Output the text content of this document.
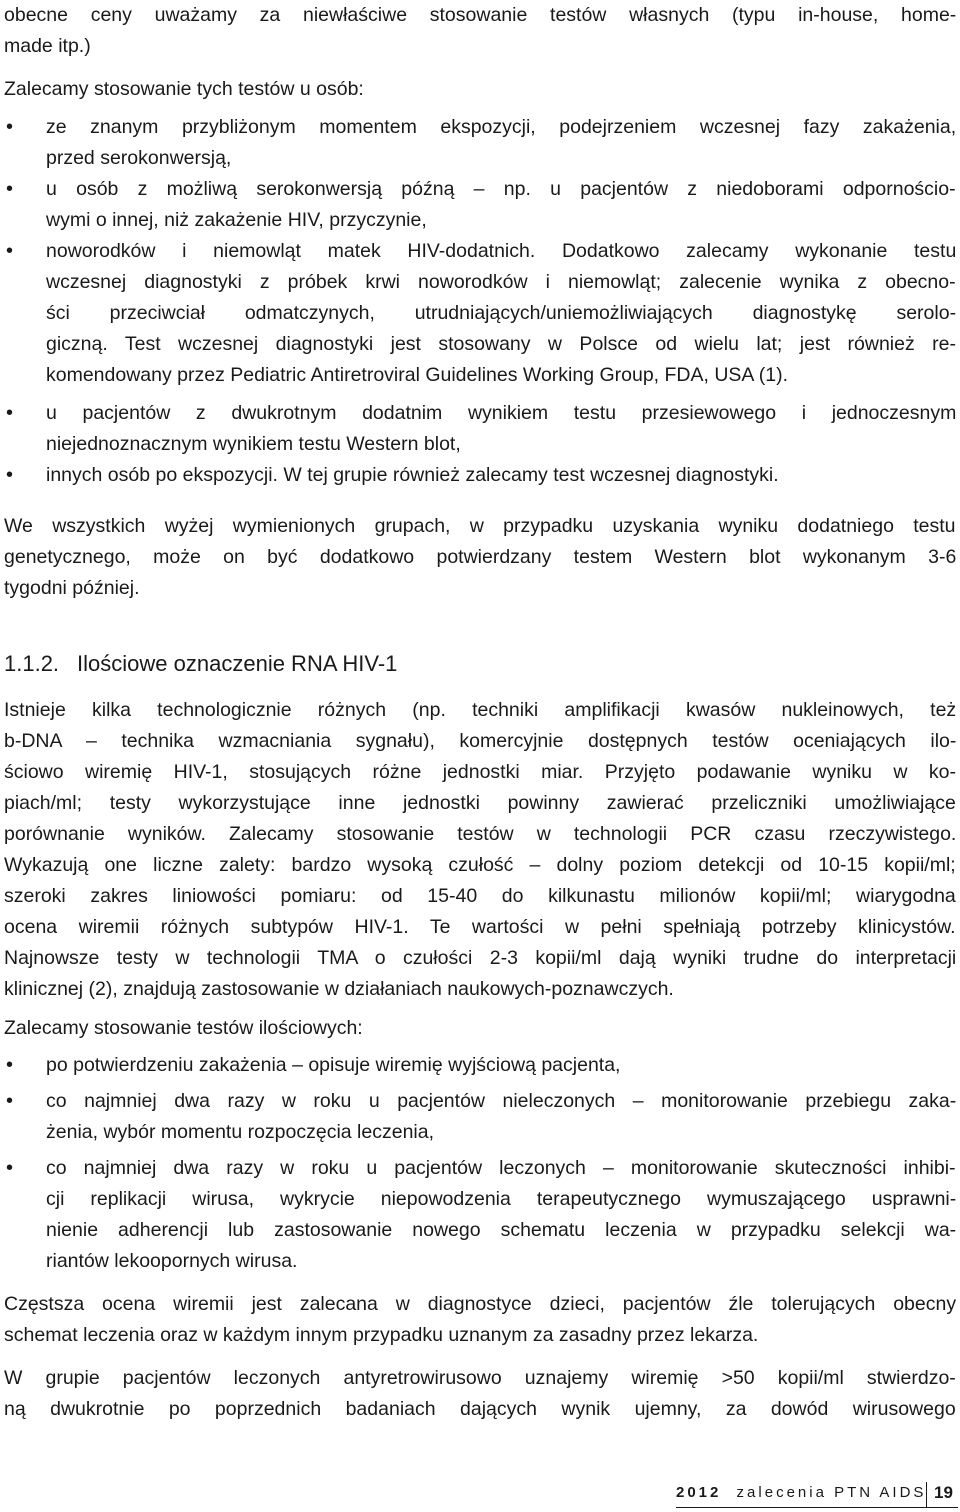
obecne ceny uważamy za niewłaściwe stosowanie testów własnych (typu in-house, home-
made itp.)
Zalecamy stosowanie tych testów u osób:
• ze znanym przybliżonym momentem ekspozycji, podejrzeniem wczesnej fazy zakażenia,
przed serokonwersją,
• u osób z możliwą serokonwersją późną – np. u pacjentów z niedoborami odpornościo-
wymi o innej, niż zakażenie HIV, przyczynie,
• noworodków i niemowląt matek HIV-dodatnich. Dodatkowo zalecamy wykonanie testu
wczesnej diagnostyki z próbek krwi noworodków i niemowląt; zalecenie wynika z obecno-
ści przeciwciał odmatczynych, utrudniających/uniemożliwiających diagnostykę serolo-
giczną. Test wczesnej diagnostyki jest stosowany w Polsce od wielu lat; jest również re-
komendowany przez Pediatric Antiretroviral Guidelines Working Group, FDA, USA (1).
• u pacjentów z dwukrotnym dodatnim wynikiem testu przesiewowego i jednoczesnym
niejednoznacznym wynikiem testu Western blot,
• innych osób po ekspozycji. W tej grupie również zalecamy test wczesnej diagnostyki.
We wszystkich wyżej wymienionych grupach, w przypadku uzyskania wyniku dodatniego testu
genetycznego, może on być dodatkowo potwierdzany testem Western blot wykonanym 3-6
tygodni później.
1.1.2. Ilościowe oznaczenie RNA HIV-1
Istnieje kilka technologicznie różnych (np. techniki amplifikacji kwasów nukleinowych, też
b-DNA – technika wzmacniania sygnału), komercyjnie dostępnych testów oceniających ilo-
ściowo wiremię HIV-1, stosujących różne jednostki miar. Przyjęto podawanie wyniku w ko-
piach/ml; testy wykorzystujące inne jednostki powinny zawierać przeliczniki umożliwiające
porównanie wyników. Zalecamy stosowanie testów w technologii PCR czasu rzeczywistego.
Wykazują one liczne zalety: bardzo wysoką czułość – dolny poziom detekcji od 10-15 kopii/ml;
szeroki zakres liniowości pomiaru: od 15-40 do kilkunastu milionów kopii/ml; wiarygodna
ocena wiremii różnych subtypów HIV-1. Te wartości w pełni spełniają potrzeby klinicystów.
Najnowsze testy w technologii TMA o czułości 2-3 kopii/ml dają wyniki trudne do interpretacji
klinicznej (2), znajdują zastosowanie w działaniach naukowych-poznawczych.
Zalecamy stosowanie testów ilościowych:
• po potwierdzeniu zakażenia – opisuje wiremię wyjściową pacjenta,
• co najmniej dwa razy w roku u pacjentów nieleczonych – monitorowanie przebiegu zaka-
żenia, wybór momentu rozpoczęcia leczenia,
• co najmniej dwa razy w roku u pacjentów leczonych – monitorowanie skuteczności inhibi-
cji replikacji wirusa, wykrycie niepowodzenia terapeutycznego wymuszającego usprawni-
nienie adherencji lub zastosowanie nowego schematu leczenia w przypadku selekcji wa-
riantów lekoopornych wirusa.
Częstsza ocena wiremii jest zalecana w diagnostyce dzieci, pacjentów źle tolerujących obecny
schemat leczenia oraz w każdym innym przypadku uznanym za zasadny przez lekarza.
W grupie pacjentów leczonych antyretrowirusowo uznajemy wiremię >50 kopii/ml stwierdzo-
ną dwukrotnie po poprzednich badaniach dających wynik ujemny, za dowód wirusowego
2012 zalecenia PTN AIDS 19
